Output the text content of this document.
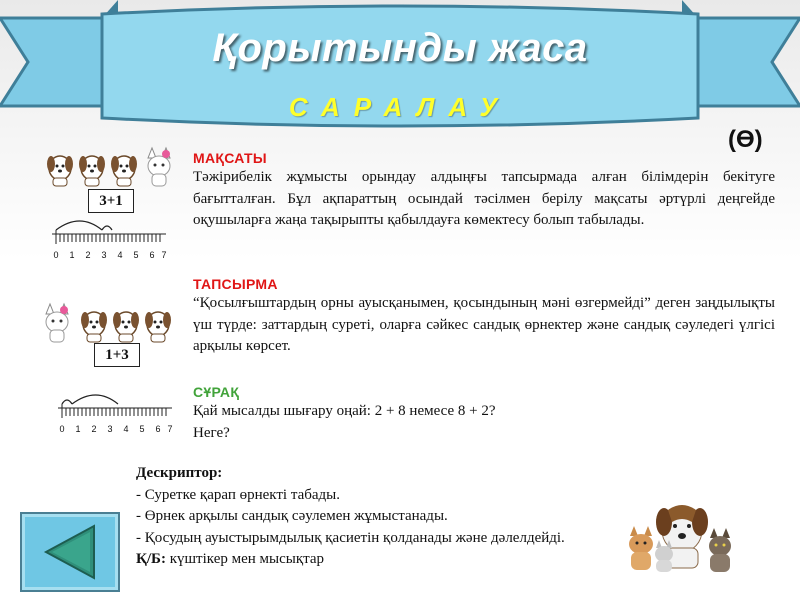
Қорытынды жаса
САРАЛАУ
(Ө)
3+1
0 1 2 3 4 5 6 7
1+3
0 1 2 3 4 5 6 7
МАҚСАТЫ
Тәжірибелік жұмысты орындау алдыңғы тапсырмада алған білімдерін бекітуге бағытталған. Бұл ақпараттың осындай тәсілмен берілу мақсаты әртүрлі деңгейде оқушыларға жаңа тақырыпты қабылдауға көмектесу болып табылады.
ТАПСЫРМА
“Қосылғыштардың орны ауысқанымен, қосындының мәні өзгермейді” деген заңдылықты үш түрде: заттардың суреті, оларға сәйкес сандық өрнектер және сандық сәуледегі үлгісі арқылы көрсет.
СҰРАҚ
Қай мысалды шығару оңай: 2 + 8 немесе 8 + 2?
Неге?
Дескриптор:
- Суретке қарап өрнекті табады.
- Өрнек арқылы сандық сәулемен жұмыстанады.
- Қосудың ауыстырымдылық қасиетін қолданады және дәлелдейді.
Қ/Б: күштікер мен мысықтар
